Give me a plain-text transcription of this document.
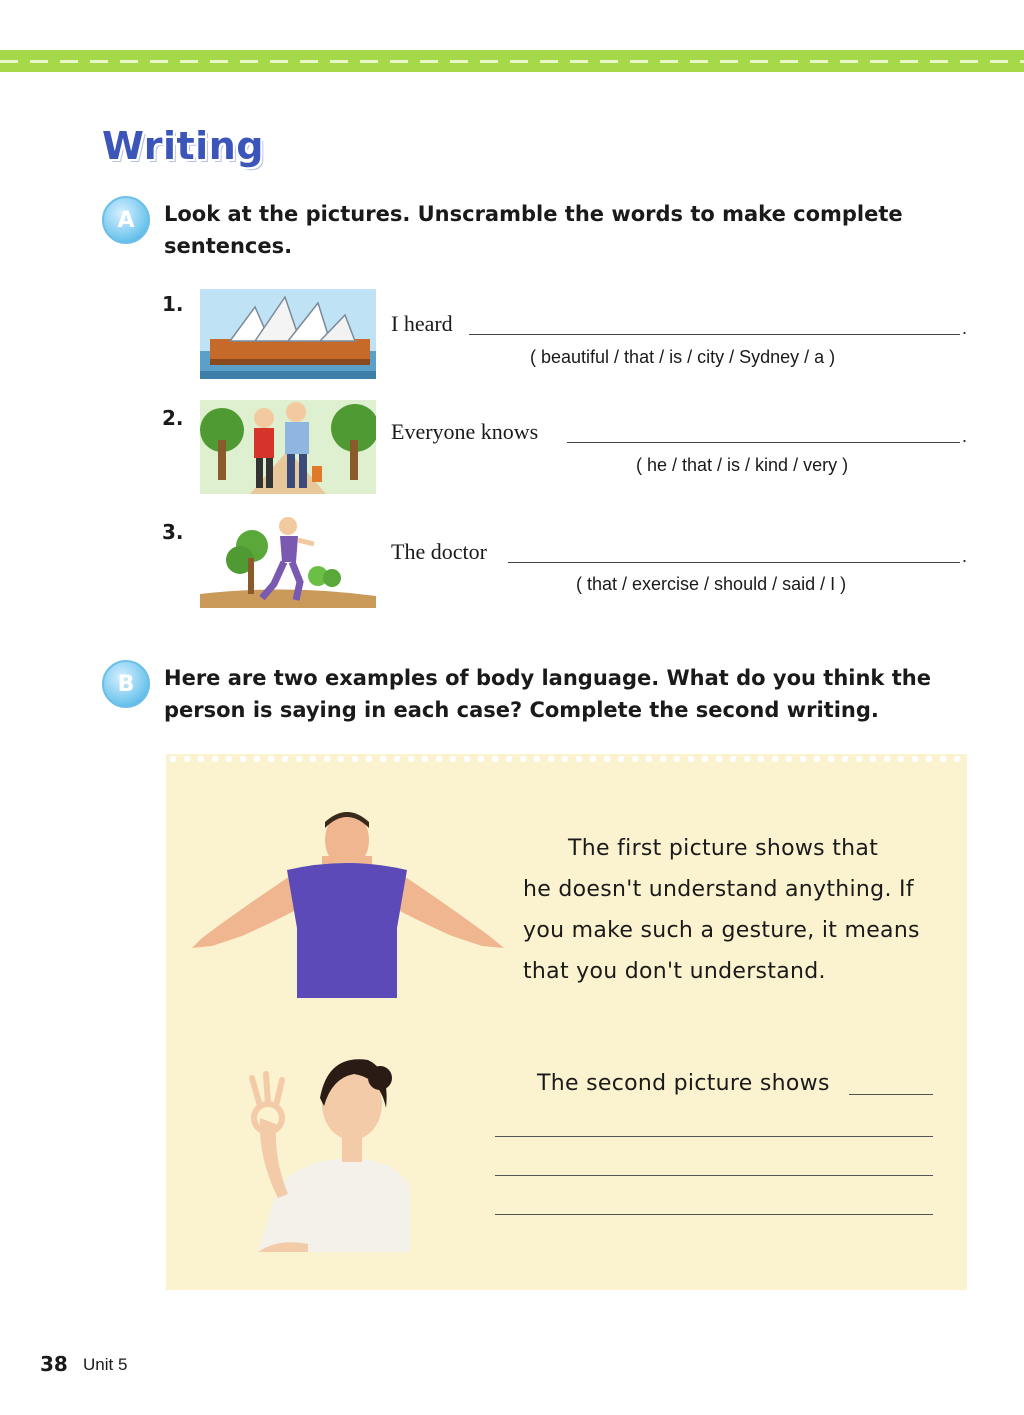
Writing
A	Look at the pictures. Unscramble the words to make complete sentences.
1.
I heard	.
( beautiful / that / is / city / Sydney / a )
2.
Everyone knows	.
( he / that / is / kind / very )
3.
The doctor	.
( that / exercise / should / said / I )
B	Here are two examples of body language. What do you think the person is saying in each case? Complete the second writing.
The first picture shows that
he doesn't understand anything. If
you make such a gesture, it means
that you don't understand.
The second picture shows
38 Unit 5
